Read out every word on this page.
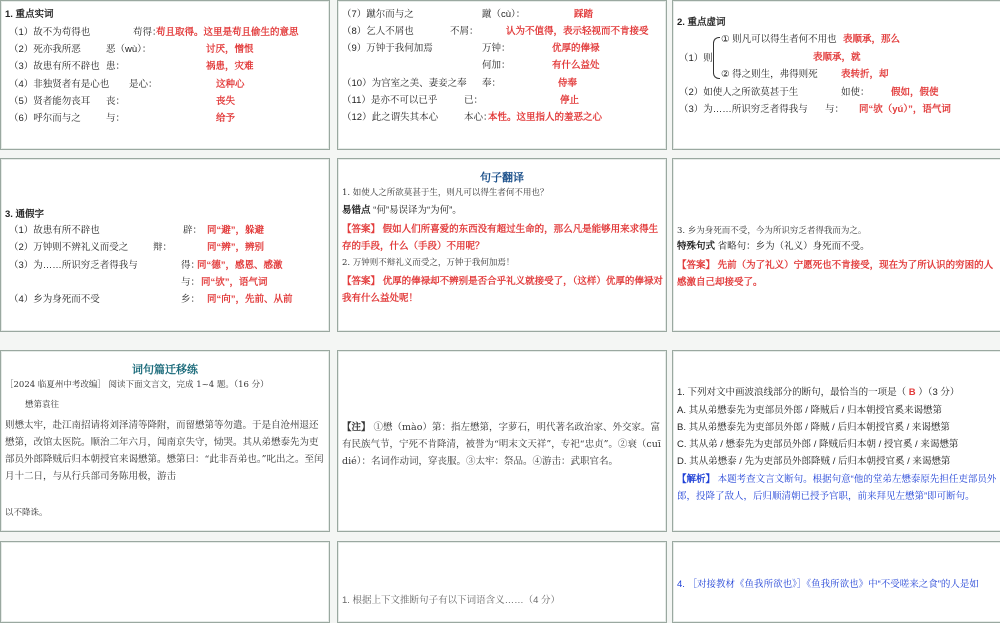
1. 重点实词
（1）故不为苟得也	苟得：
苟且取得。这里是苟且偷生的意思
（2）死亦我所恶	恶（wù）：	讨厌，憎恨
（3）故患有所不辟也 患：	祸患，灾难
（4）非独贤者有是心也 是心：	这种心
（5）贤者能勿丧耳 丧：	丧失
（6）呼尔而与之	与：	给予
（7）蹴尔而与之	蹴（cù）：	踩踏
（8）乞人不屑也	不屑：	认为不值得，表示轻视而不肯接受
（9）万钟于我何加焉	万钟：	优厚的俸禄
何加：	有什么益处
（10）为宫室之美、妻妾之奉 奉：	侍奉
（11）是亦不可以已乎	已：	停止
（12）此之谓失其本心	本心：
本性。这里指人的羞恶之心
2. 重点虚词
（1）则
① 则凡可以得生者何不用也 表顺承，那么
表顺承，就
② 得之则生，弗得则死 表转折，却
（2）如使人之所欲莫甚于生	如使： 假如，假使
（3）为……所识穷乏者得我与 与： 同“欤（yú）”，语气词
3. 通假字
（1）故患有所不辟也	辟： 同“避”，躲避
（2）万钟则不辨礼义而受之	辩：	同“辨”，辨别
（3）为……所识穷乏者得我与	得：
同“德”，感恩、感激
与： 同“欤”，语气词
（4）乡为身死而不受	乡： 同“向”，先前、从前
句子翻译
1. 如使人之所欲莫甚于生，则凡可以得生者何不用也？
易错点 “何”易误译为“为何”。
【答案】 假如人们所喜爱的东西没有超过生命的，那么凡是能够用来求得生存的手段，什么（手段）不用呢？
2. 万钟则不辩礼义而受之，万钟于我何加焉！
【答案】 优厚的俸禄却不辨别是否合乎礼义就接受了，（这样）优厚的俸禄对我有什么益处呢！
3. 乡为身死而不受，今为所识穷乏者得我而为之。
特殊句式 省略句：乡为（礼义）身死而不受。
【答案】 先前（为了礼义）宁愿死也不肯接受，现在为了所认识的穷困的人感激自己却接受了。
词句篇迁移练
［2024 临夏州中考改编］ 阅读下面文言文，完成 1~4 题。（16 分）
懋第袁往
则懋太牢，赴江南招请将刘泽清等降附，而留懋第等勿遣。于是自沧州退还懋第，改馆太医院。顺治二年六月，闻南京失守，恸哭。其从弟懋泰先为吏部员外郎降贼后归本朝授官来谒懋第。懋第曰：“此非吾弟也。”叱出之。至闰月十二日，与从行兵部司务陈用极，游击
以不降诛。
【注】 ①懋（mào）第：指左懋第，字萝石，明代著名政治家、外交家。富有民族气节，宁死不肯降清，被誉为“明末文天祥”，专祀“忠贞”。②衰（cuī dié）：名词作动词，穿丧服。③太牢：祭品。④游击：武职官名。
1. 下列对文中画波浪线部分的断句，最恰当的一项是（ B ）（3 分）
A. 其从弟懋泰先为吏部员外郎 / 降贼后 / 归本朝授官奚来谒懋第
B. 其从弟懋泰先为吏部员外郎 / 降贼 / 后归本朝授官奚 / 来谒懋第
C. 其从弟 / 懋泰先为吏部员外郎 / 降贼后归本朝 / 授官奚 / 来谒懋第
D. 其从弟懋泰 / 先为吏部员外郎降贼 / 后归本朝授官奚 / 来谒懋第
【解析】 本题考查文言文断句。根据句意“他的堂弟左懋泰原先担任吏部员外郎，投降了敌人，后归顺清朝已授予官职，前来拜见左懋第”即可断句。
1. 根据上下文推断句子有以下词语含义……（4 分）
4. ［对接教材《鱼我所欲也》］《鱼我所欲也》中“不受嗟来之食”的人是如
